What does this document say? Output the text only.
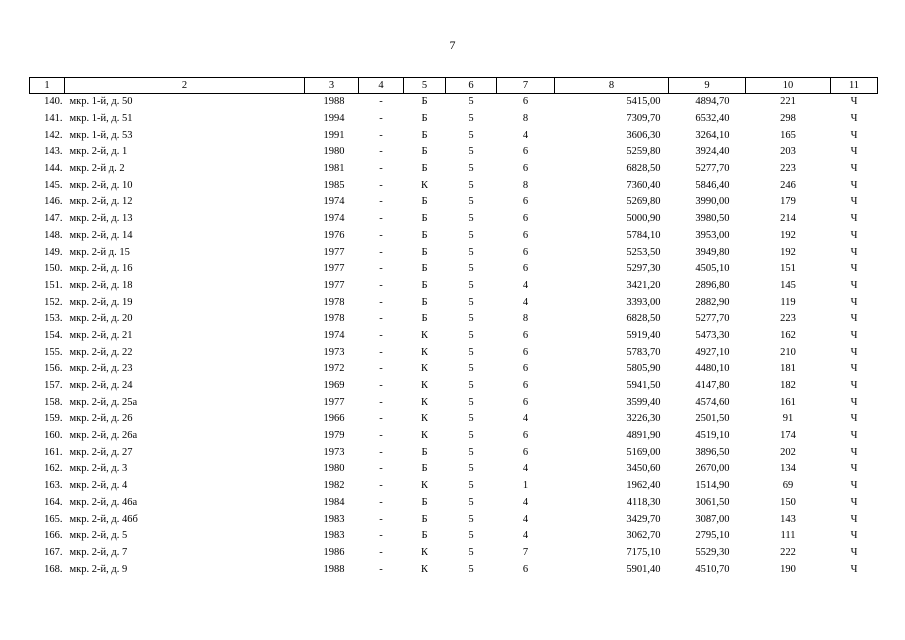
7
1	2	3	4	5	6	7	8	9	10	11
140.	мкр. 1-й, д. 50	1988	-	Б	5	6	5415,00	4894,70	221	Ч
141.	мкр. 1-й, д. 51	1994	-	Б	5	8	7309,70	6532,40	298	Ч
142.	мкр. 1-й, д. 53	1991	-	Б	5	4	3606,30	3264,10	165	Ч
143.	мкр. 2-й, д. 1	1980	-	Б	5	6	5259,80	3924,40	203	Ч
144.	мкр. 2-й д. 2	1981	-	Б	5	6	6828,50	5277,70	223	Ч
145.	мкр. 2-й, д. 10	1985	-	К	5	8	7360,40	5846,40	246	Ч
146.	мкр. 2-й, д. 12	1974	-	Б	5	6	5269,80	3990,00	179	Ч
147.	мкр. 2-й, д. 13	1974	-	Б	5	6	5000,90	3980,50	214	Ч
148.	мкр. 2-й, д. 14	1976	-	Б	5	6	5784,10	3953,00	192	Ч
149.	мкр. 2-й д. 15	1977	-	Б	5	6	5253,50	3949,80	192	Ч
150.	мкр. 2-й, д. 16	1977	-	Б	5	6	5297,30	4505,10	151	Ч
151.	мкр. 2-й, д. 18	1977	-	Б	5	4	3421,20	2896,80	145	Ч
152.	мкр. 2-й, д. 19	1978	-	Б	5	4	3393,00	2882,90	119	Ч
153.	мкр. 2-й, д. 20	1978	-	Б	5	8	6828,50	5277,70	223	Ч
154.	мкр. 2-й, д. 21	1974	-	К	5	6	5919,40	5473,30	162	Ч
155.	мкр. 2-й, д. 22	1973	-	К	5	6	5783,70	4927,10	210	Ч
156.	мкр. 2-й, д. 23	1972	-	К	5	6	5805,90	4480,10	181	Ч
157.	мкр. 2-й, д. 24	1969	-	К	5	6	5941,50	4147,80	182	Ч
158.	мкр. 2-й, д. 25а	1977	-	К	5	6	3599,40	4574,60	161	Ч
159.	мкр. 2-й, д. 26	1966	-	К	5	4	3226,30	2501,50	91	Ч
160.	мкр. 2-й, д. 26а	1979	-	К	5	6	4891,90	4519,10	174	Ч
161.	мкр. 2-й, д. 27	1973	-	Б	5	6	5169,00	3896,50	202	Ч
162.	мкр. 2-й, д. 3	1980	-	Б	5	4	3450,60	2670,00	134	Ч
163.	мкр. 2-й, д. 4	1982	-	К	5	1	1962,40	1514,90	69	Ч
164.	мкр. 2-й, д. 46а	1984	-	Б	5	4	4118,30	3061,50	150	Ч
165.	мкр. 2-й, д. 46б	1983	-	Б	5	4	3429,70	3087,00	143	Ч
166.	мкр. 2-й, д. 5	1983	-	Б	5	4	3062,70	2795,10	111	Ч
167.	мкр. 2-й, д. 7	1986	-	К	5	7	7175,10	5529,30	222	Ч
168.	мкр. 2-й, д. 9	1988	-	К	5	6	5901,40	4510,70	190	Ч
